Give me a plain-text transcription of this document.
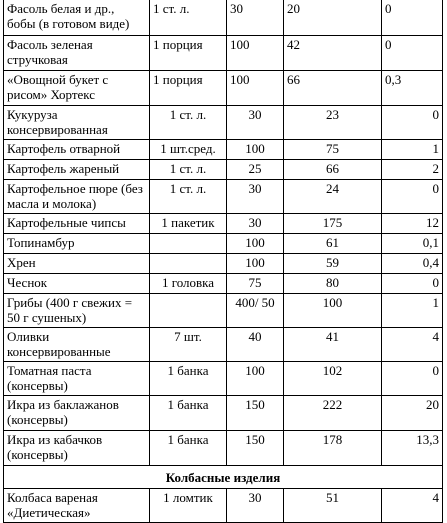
Фасоль белая и др., бобы (в готовом виде)	1 ст. л.	30	20	0
Фасоль зеленая стручковая	1 порция	100	42	0
«Овощной букет с рисом» Хортекс	1 порция	100	66	0,3
Кукуруза консервированная	1 ст. л.	30	23	0
Картофель отварной	1 шт.сред.	100	75	1
Картофель жареный	1 ст. л.	25	66	2
Картофельное пюре (без масла и молока)	1 ст. л.	30	24	0
Картофельные чипсы	1 пакетик	30	175	12
Топинамбур		100	61	0,1
Хрен		100	59	0,4
Чеснок	1 головка	75	80	0
Грибы (400 г свежих = 50 г сушеных)		400/ 50	100	1
Оливки консервированные	7 шт.	40	41	4
Томатная паста (консервы)	1 банка	100	102	0
Икра из баклажанов (консервы)	1 банка	150	222	20
Икра из кабачков (консервы)	1 банка	150	178	13,3
Колбасные изделия				
Колбаса вареная «Диетическая»	1 ломтик	30	51	4
